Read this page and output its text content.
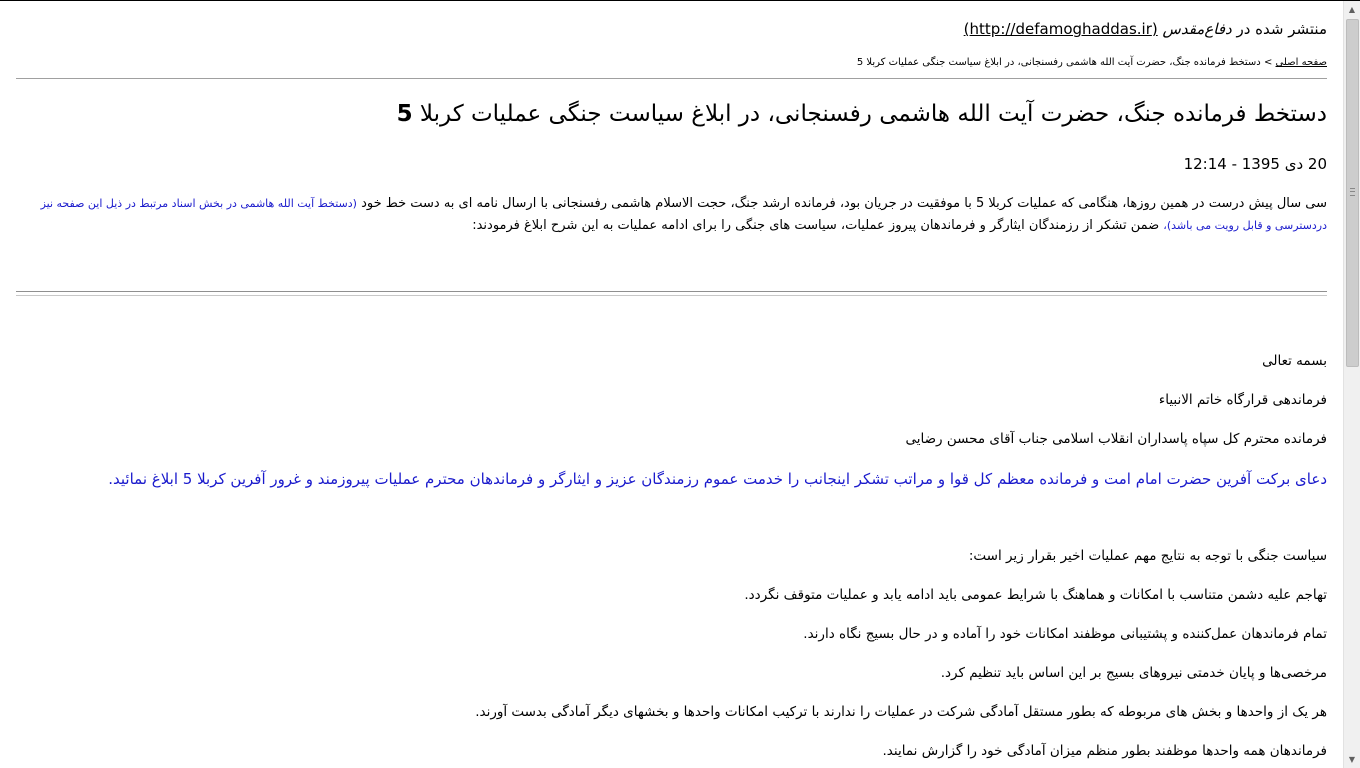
منتشر شده در دفاع‌مقدس (http://defamoghaddas.ir)
صفحه اصلی > دستخط فرمانده جنگ، حضرت آیت الله هاشمی رفسنجانی، در ابلاغ سیاست جنگی عملیات کربلا 5
دستخط فرمانده جنگ، حضرت آیت الله هاشمی رفسنجانی، در ابلاغ سیاست جنگی عملیات کربلا 5
20 دی 1395 - 12:14
سی سال پیش درست در همین روزها، هنگامی که عملیات کربلا 5 با موفقیت در جریان بود، فرمانده ارشد جنگ، حجت الاسلام هاشمی رفسنجانی با ارسال نامه ای به دست خط خود (دستخط آیت الله هاشمی در بخش اسناد مرتبط در ذیل این صفحه نیز دردسترسی و قابل رویت می باشد)، ضمن تشکر از رزمندگان ایثارگر و فرماندهان پیروز عملیات، سیاست های جنگی را برای ادامه عملیات به این شرح ابلاغ فرمودند:
بسمه تعالی
فرماندهی قرارگاه خاتم الانبیاء
فرمانده محترم کل سپاه پاسداران انقلاب اسلامی جناب آقای محسن رضایی
دعای برکت آفرین حضرت امام امت و فرمانده معظم کل قوا و مراتب تشکر اینجانب را خدمت عموم رزمندگان عزیز و ایثارگر و فرماندهان محترم عملیات پیروزمند و غرور آفرین کربلا 5 ابلاغ نمائید.
سیاست جنگی با توجه به نتایج مهم عملیات اخیر بقرار زیر است:
تهاجم علیه دشمن متناسب با امکانات و هماهنگ با شرایط عمومی باید ادامه یابد و عملیات متوقف نگردد.
تمام فرماندهان عمل‌کننده و پشتیبانی موظفند امکانات خود را آماده و در حال بسیج نگاه دارند.
مرخصی‌ها و پایان خدمتی نیروهای بسیج بر این اساس باید تنظیم کرد.
هر یک از واحدها و بخش های مربوطه که بطور مستقل آمادگی شرکت در عملیات را ندارند با ترکیب امکانات واحدها و بخشهای دیگر آمادگی بدست آورند.
فرماندهان همه واحدها موظفند بطور منظم میزان آمادگی خود را گزارش نمایند.
▲
▼
